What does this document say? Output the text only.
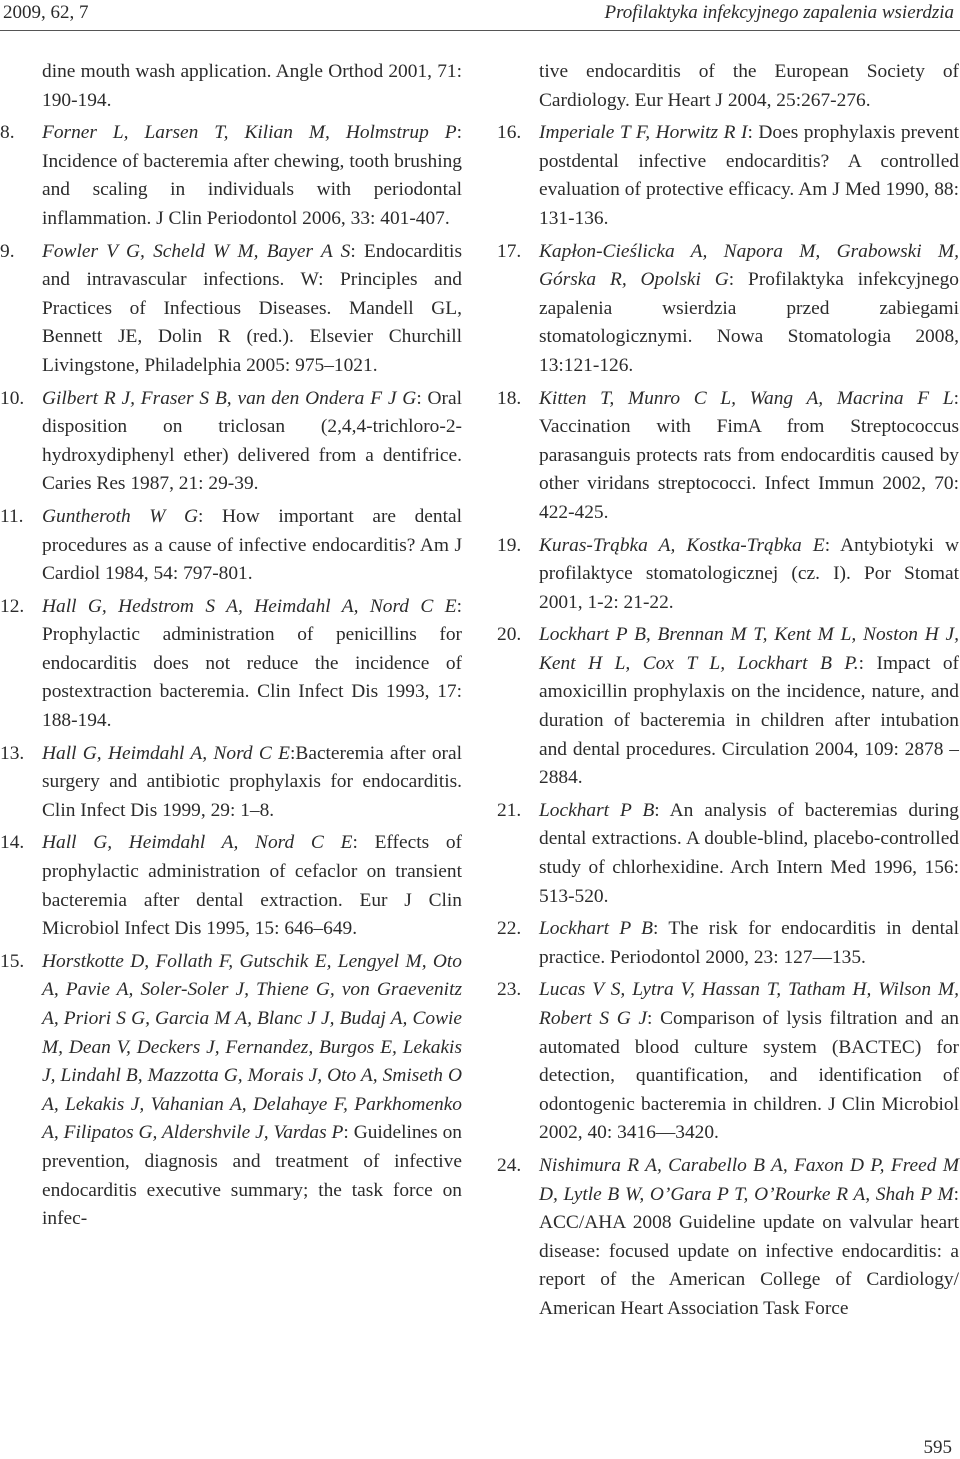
2009, 62, 7	Profilaktyka infekcyjnego zapalenia wsierdzia
dine mouth wash application. Angle Orthod 2001, 71: 190-194.
8.	Forner L, Larsen T, Kilian M, Holmstrup P: Incidence of bacteremia after chewing, tooth brushing and scaling in individuals with periodontal inflammation. J Clin Periodontol 2006, 33: 401-407.
9.	Fowler V G, Scheld W M, Bayer A S: Endocarditis and intravascular infections. W: Principles and Practices of Infectious Diseases. Mandell GL, Bennett JE, Dolin R (red.). Elsevier Churchill Livingstone, Philadelphia 2005: 975–1021.
10. Gilbert R J, Fraser S B, van den Ondera F J G: Oral disposition on triclosan (2,4,4-trichloro-2-hydroxydiphenyl ether) delivered from a dentifrice. Caries Res 1987, 21: 29-39.
11. Guntheroth W G: How important are dental procedures as a cause of infective endocarditis? Am J Cardiol 1984, 54: 797-801.
12. Hall G, Hedstrom S A, Heimdahl A, Nord C E: Prophylactic administration of penicillins for endocarditis does not reduce the incidence of postextraction bacteremia. Clin Infect Dis 1993, 17: 188-194.
13. Hall G, Heimdahl A, Nord C E:Bacteremia after oral surgery and antibiotic prophylaxis for endocarditis. Clin Infect Dis 1999, 29: 1–8.
14. Hall G, Heimdahl A, Nord C E: Effects of prophylactic administration of cefaclor on transient bacteremia after dental extraction. Eur J Clin Microbiol Infect Dis 1995, 15: 646–649.
15. Horstkotte D, Follath F, Gutschik E, Lengyel M, Oto A, Pavie A, Soler-Soler J, Thiene G, von Graevenitz A, Priori S G, Garcia M A, Blanc J J, Budaj A, Cowie M, Dean V, Deckers J, Fernandez, Burgos E, Lekakis J, Lindahl B, Mazzotta G, Morais J, Oto A, Smiseth O A, Lekakis J, Vahanian A, Delahaye F, Parkhomenko A, Filipatos G, Aldershvile J, Vardas P: Guidelines on prevention, diagnosis and treatment of infective endocarditis executive summary; the task force on infec-
tive endocarditis of the European Society of Cardiology. Eur Heart J 2004, 25:267-276.
16. Imperiale T F, Horwitz R I: Does prophylaxis prevent postdental infective endocarditis? A controlled evaluation of protective efficacy. Am J Med 1990, 88: 131-136.
17. Kapłon-Cieślicka A, Napora M, Grabowski M, Górska R, Opolski G: Profilaktyka infekcyjnego zapalenia wsierdzia przed zabiegami stomatologicznymi. Nowa Stomatologia 2008, 13:121-126.
18. Kitten T, Munro C L, Wang A, Macrina F L: Vaccination with FimA from Streptococcus parasanguis protects rats from endocarditis caused by other viridans streptococci. Infect Immun 2002, 70: 422-425.
19. Kuras-Trąbka A, Kostka-Trąbka E: Antybiotyki w profilaktyce stomatologicznej (cz. I). Por Stomat 2001, 1-2: 21-22.
20. Lockhart P B, Brennan M T, Kent M L, Noston H J, Kent H L, Cox T L, Lockhart B P.: Impact of amoxicillin prophylaxis on the incidence, nature, and duration of bacteremia in children after intubation and dental procedures. Circulation 2004, 109: 2878 –2884.
21. Lockhart P B: An analysis of bacteremias during dental extractions. A double-blind, placebo-controlled study of chlorhexidine. Arch Intern Med 1996, 156: 513-520.
22. Lockhart P B: The risk for endocarditis in dental practice. Periodontol 2000, 23: 127––135.
23. Lucas V S, Lytra V, Hassan T, Tatham H, Wilson M, Robert S G J: Comparison of lysis filtration and an automated blood culture system (BACTEC) for detection, quantification, and identification of odontogenic bacteremia in children. J Clin Microbiol 2002, 40: 3416––3420.
24. Nishimura R A, Carabello B A, Faxon D P, Freed M D, Lytle B W, O’Gara P T, O’Rourke R A, Shah P M: ACC/AHA 2008 Guideline update on valvular heart disease: focused update on infective endocarditis: a report of the American College of Cardiology/ American Heart Association Task Force
595
